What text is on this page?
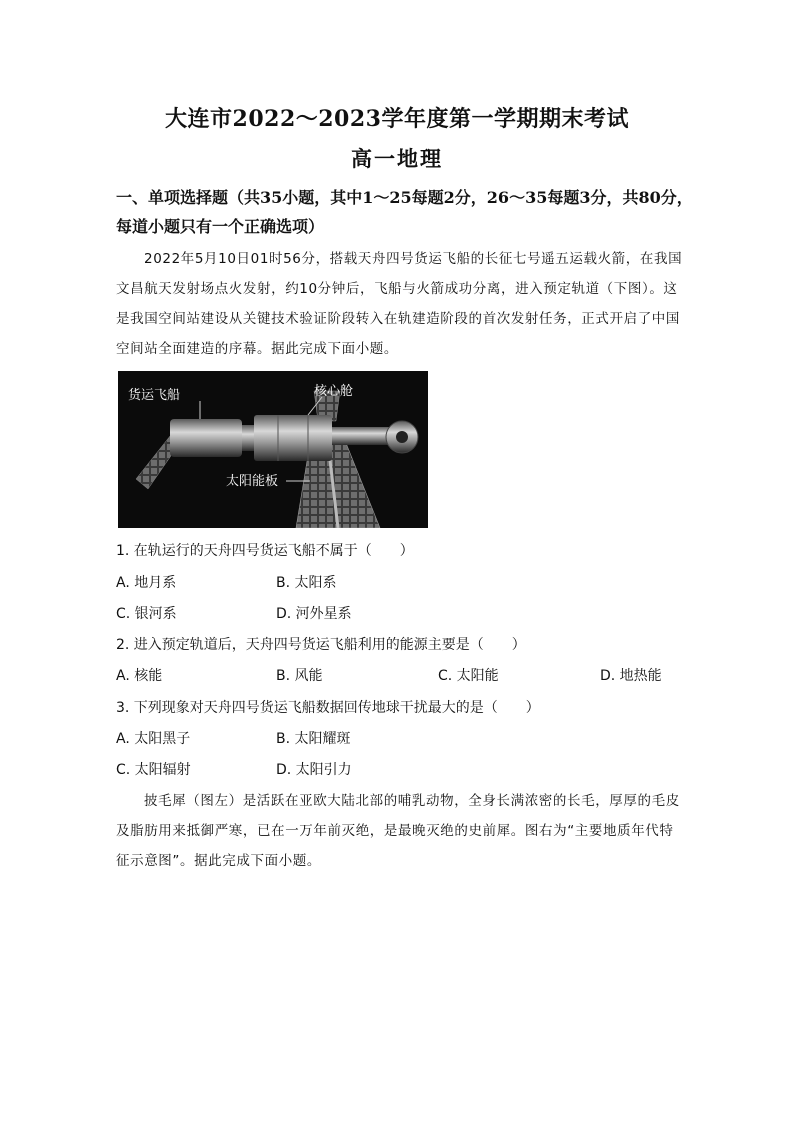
大连市2022～2023学年度第一学期期末考试
高一地理
一、单项选择题（共35小题，其中1～25每题2分，26～35每题3分，共80分，每道小题只有一个正确选项）
2022年5月10日01时56分，搭载天舟四号货运飞船的长征七号遥五运载火箭，在我国文昌航天发射场点火发射，约10分钟后，飞船与火箭成功分离，进入预定轨道（下图）。这是我国空间站建设从关键技术验证阶段转入在轨建造阶段的首次发射任务，正式开启了中国空间站全面建造的序幕。据此完成下面小题。
货运飞船	核心舱
太阳能板
1. 在轨运行的天舟四号货运飞船不属于（　　）
A. 地月系	B. 太阳系
C. 银河系	D. 河外星系
2. 进入预定轨道后，天舟四号货运飞船利用的能源主要是（　　）
A. 核能	B. 风能	C. 太阳能	D. 地热能
3. 下列现象对天舟四号货运飞船数据回传地球干扰最大的是（　　）
A. 太阳黑子	B. 太阳耀斑
C. 太阳辐射	D. 太阳引力
披毛犀（图左）是活跃在亚欧大陆北部的哺乳动物，全身长满浓密的长毛，厚厚的毛皮及脂肪用来抵御严寒，已在一万年前灭绝，是最晚灭绝的史前犀。图右为“主要地质年代特征示意图”。据此完成下面小题。
